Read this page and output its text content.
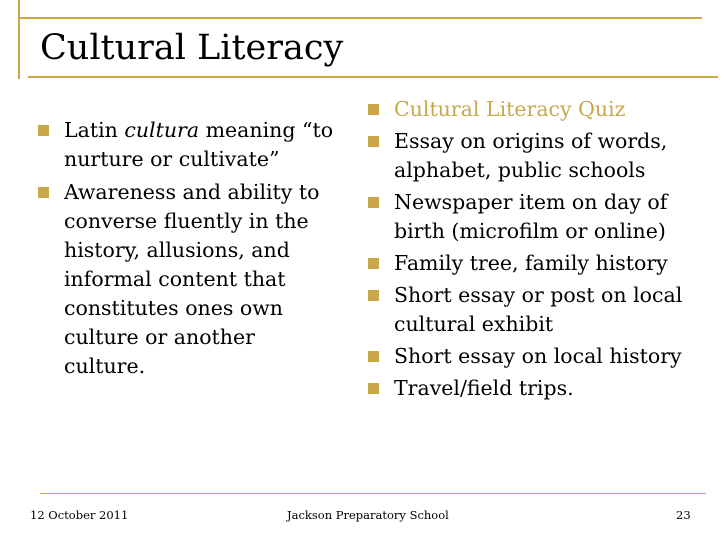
Cultural Literacy
Latin cultura meaning “to nurture or cultivate”
Awareness and ability to converse fluently in the history, allusions, and informal content that constitutes ones own culture or another culture.
Cultural Literacy Quiz
Essay on origins of words, alphabet, public schools
Newspaper item on day of birth (microfilm or online)
Family tree, family history
Short essay or post on local cultural exhibit
Short essay on local history
Travel/field trips.
12 October 2011	Jackson Preparatory School	23
